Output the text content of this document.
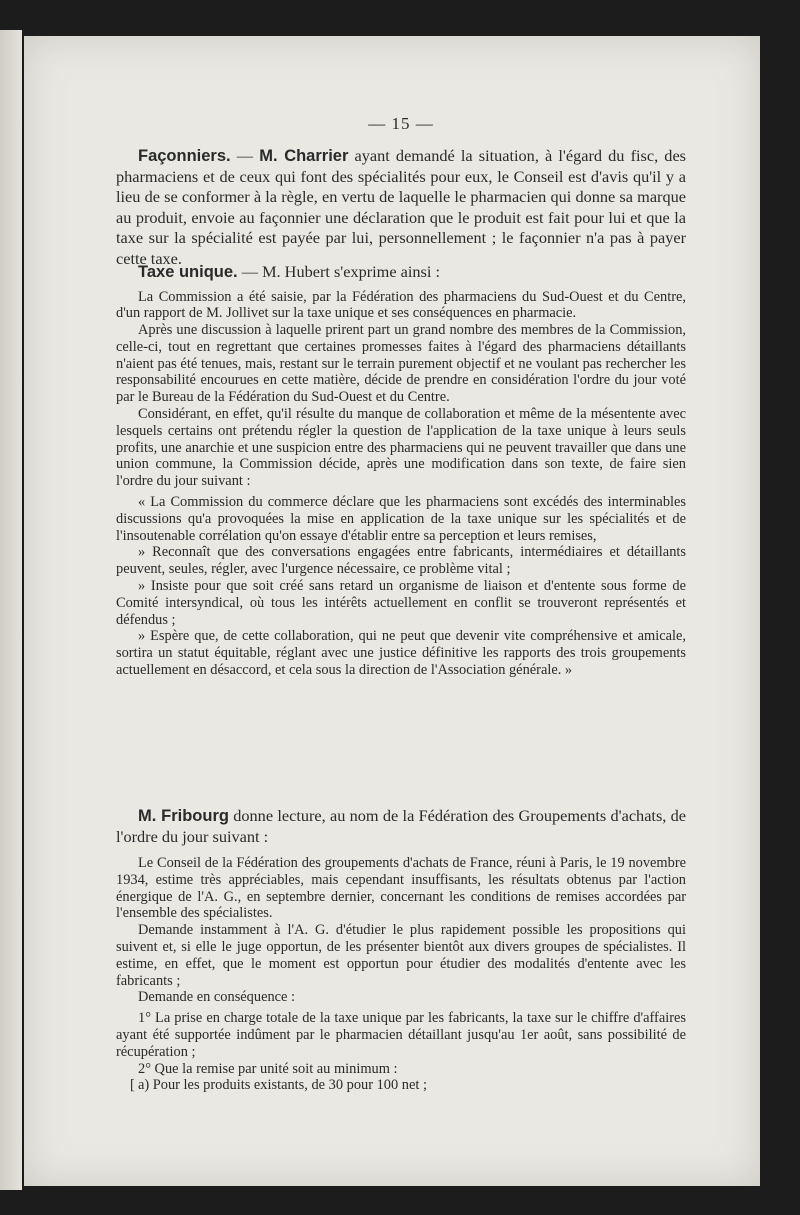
— 15 —

Façonniers. — M. Charrier ayant demandé la situation, à l'égard du fisc, des pharmaciens et de ceux qui font des spécialités pour eux, le Conseil est d'avis qu'il y a lieu de se conformer à la règle, en vertu de laquelle le pharmacien qui donne sa marque au produit, envoie au façonnier une déclaration que le produit est fait pour lui et que la taxe sur la spécialité est payée par lui, personnellement ; le façonnier n'a pas à payer cette taxe.

Taxe unique. — M. Hubert s'exprime ainsi :

La Commission a été saisie, par la Fédération des pharmaciens du Sud-Ouest et du Centre, d'un rapport de M. Jollivet sur la taxe unique et ses conséquences en pharmacie.

Après une discussion à laquelle prirent part un grand nombre des membres de la Commission, celle-ci, tout en regrettant que certaines promesses faites à l'égard des pharmaciens détaillants n'aient pas été tenues, mais, restant sur le terrain purement objectif et ne voulant pas rechercher les responsabilité encourues en cette matière, décide de prendre en considération l'ordre du jour voté par le Bureau de la Fédération du Sud-Ouest et du Centre.

Considérant, en effet, qu'il résulte du manque de collaboration et même de la mésentente avec lesquels certains ont prétendu régler la question de l'application de la taxe unique à leurs seuls profits, une anarchie et une suspicion entre des pharmaciens qui ne peuvent travailler que dans une union commune, la Commission décide, après une modification dans son texte, de faire sien l'ordre du jour suivant :

« La Commission du commerce déclare que les pharmaciens sont excédés des interminables discussions qu'a provoquées la mise en application de la taxe unique sur les spécialités et de l'insoutenable corrélation qu'on essaye d'établir entre sa perception et leurs remises,

» Reconnaît que des conversations engagées entre fabricants, intermédiaires et détaillants peuvent, seules, régler, avec l'urgence nécessaire, ce problème vital ;

» Insiste pour que soit créé sans retard un organisme de liaison et d'entente sous forme de Comité intersyndical, où tous les intérêts actuellement en conflit se trouveront représentés et défendus ;

» Espère que, de cette collaboration, qui ne peut que devenir vite compréhensive et amicale, sortira un statut équitable, réglant avec une justice définitive les rapports des trois groupements actuellement en désaccord, et cela sous la direction de l'Association générale. »

M. Fribourg donne lecture, au nom de la Fédération des Groupements d'achats, de l'ordre du jour suivant :

Le Conseil de la Fédération des groupements d'achats de France, réuni à Paris, le 19 novembre 1934, estime très appréciables, mais cependant insuffisants, les résultats obtenus par l'action énergique de l'A. G., en septembre dernier, concernant les conditions de remises accordées par l'ensemble des spécialistes.

Demande instamment à l'A. G. d'étudier le plus rapidement possible les propositions qui suivent et, si elle le juge opportun, de les présenter bientôt aux divers groupes de spécialistes. Il estime, en effet, que le moment est opportun pour étudier des modalités d'entente avec les fabricants ;

Demande en conséquence :

1° La prise en charge totale de la taxe unique par les fabricants, la taxe sur le chiffre d'affaires ayant été supportée indûment par le pharmacien détaillant jusqu'au 1er août, sans possibilité de récupération ;

2° Que la remise par unité soit au minimum :

[ a) Pour les produits existants, de 30 pour 100 net ;
